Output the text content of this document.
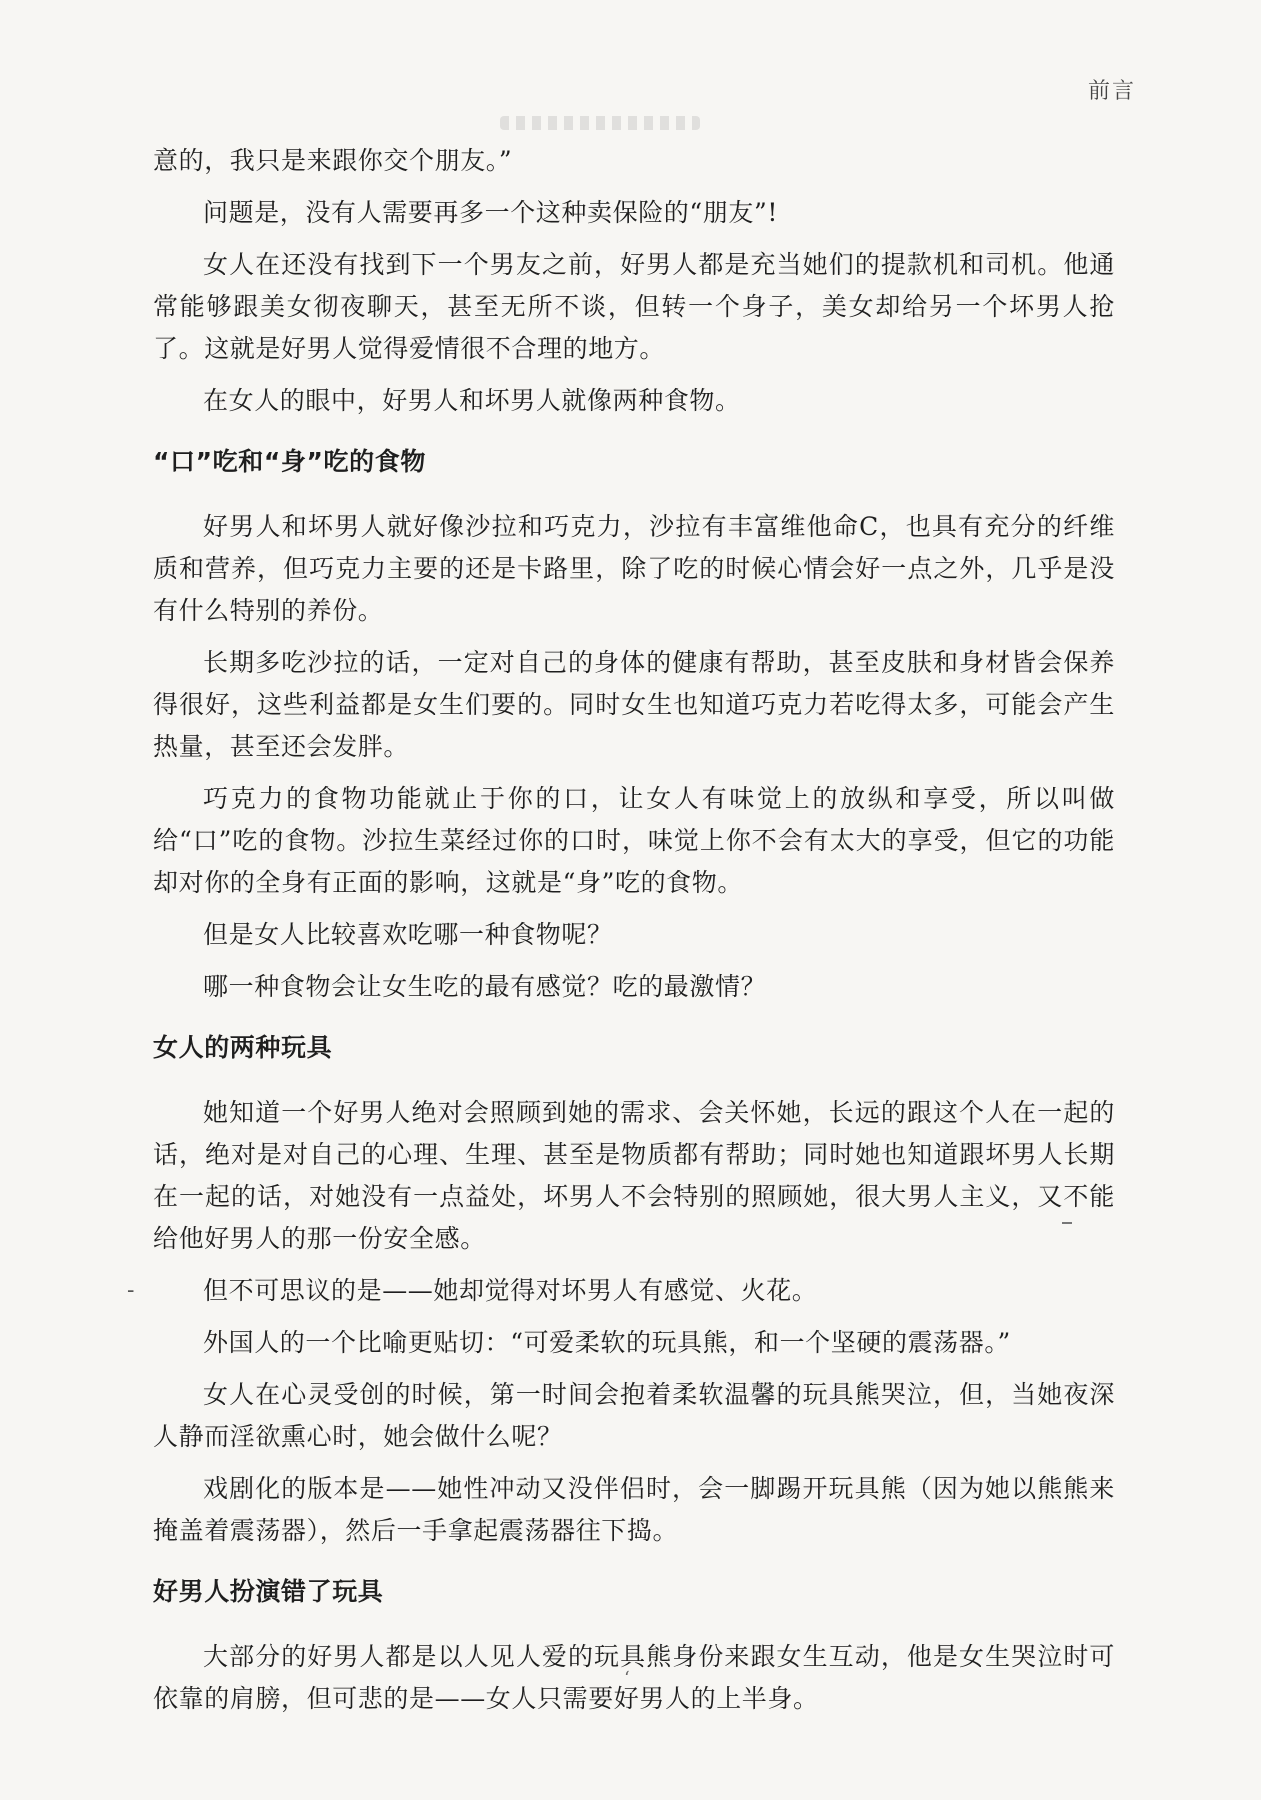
前言

意的，我只是来跟你交个朋友。”

问题是，没有人需要再多一个这种卖保险的“朋友”!

女人在还没有找到下一个男友之前，好男人都是充当她们的提款机和司机。他通常能够跟美女彻夜聊天，甚至无所不谈，但转一个身子，美女却给另一个坏男人抢了。这就是好男人觉得爱情很不合理的地方。

在女人的眼中，好男人和坏男人就像两种食物。

“口”吃和“身”吃的食物

好男人和坏男人就好像沙拉和巧克力，沙拉有丰富维他命C，也具有充分的纤维质和营养，但巧克力主要的还是卡路里，除了吃的时候心情会好一点之外，几乎是没有什么特别的养份。

长期多吃沙拉的话，一定对自己的身体的健康有帮助，甚至皮肤和身材皆会保养得很好，这些利益都是女生们要的。同时女生也知道巧克力若吃得太多，可能会产生热量，甚至还会发胖。

巧克力的食物功能就止于你的口，让女人有味觉上的放纵和享受，所以叫做给“口”吃的食物。沙拉生菜经过你的口时，味觉上你不会有太大的享受，但它的功能却对你的全身有正面的影响，这就是“身”吃的食物。

但是女人比较喜欢吃哪一种食物呢？

哪一种食物会让女生吃的最有感觉？吃的最激情？

女人的两种玩具

她知道一个好男人绝对会照顾到她的需求、会关怀她，长远的跟这个人在一起的话，绝对是对自己的心理、生理、甚至是物质都有帮助；同时她也知道跟坏男人长期在一起的话，对她没有一点益处，坏男人不会特别的照顾她，很大男人主义，又不能给他好男人的那一份安全感。

-	但不可思议的是——她却觉得对坏男人有感觉、火花。

外国人的一个比喻更贴切：“可爱柔软的玩具熊，和一个坚硬的震荡器。”

女人在心灵受创的时候，第一时间会抱着柔软温馨的玩具熊哭泣，但，当她夜深人静而淫欲熏心时，她会做什么呢？

戏剧化的版本是——她性冲动又没伴侣时，会一脚踢开玩具熊（因为她以熊熊来掩盖着震荡器），然后一手拿起震荡器往下捣。

好男人扮演错了玩具

大部分的好男人都是以人见人爱的玩具熊身份来跟女生互动，他是女生哭泣时可依靠的肩膀，但可悲的是——女人只需要好男人的上半身。

‘
